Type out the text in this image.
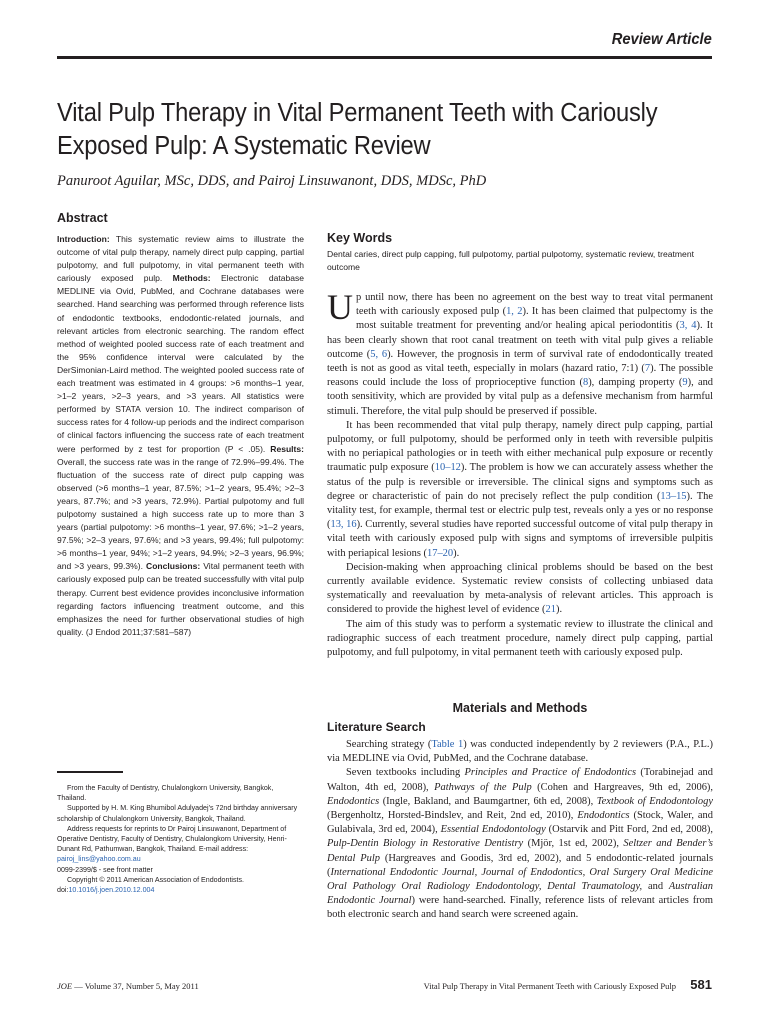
Review Article
Vital Pulp Therapy in Vital Permanent Teeth with Cariously Exposed Pulp: A Systematic Review
Panuroot Aguilar, MSc, DDS, and Pairoj Linsuwanont, DDS, MDSc, PhD
Abstract

Introduction: This systematic review aims to illustrate the outcome of vital pulp therapy, namely direct pulp capping, partial pulpotomy, and full pulpotomy, in vital permanent teeth with cariously exposed pulp. Methods: Electronic database MEDLINE via Ovid, PubMed, and Cochrane databases were searched. Hand searching was performed through reference lists of endodontic textbooks, endodontic-related journals, and relevant articles from electronic searching. The random effect method of weighted pooled success rate of each treatment and the 95% confidence interval were calculated by the DerSimonian-Laird method. The weighted pooled success rate of each treatment was estimated in 4 groups: >6 months–1 year, >1–2 years, >2–3 years, and >3 years. All statistics were performed by STATA version 10. The indirect comparison of success rates for 4 follow-up periods and the indirect comparison of clinical factors influencing the success rate of each treatment were performed by z test for proportion (P < .05). Results: Overall, the success rate was in the range of 72.9%–99.4%. The fluctuation of the success rate of direct pulp capping was observed (>6 months–1 year, 87.5%; >1–2 years, 95.4%; >2–3 years, 87.7%; and >3 years, 72.9%). Partial pulpotomy and full pulpotomy sustained a high success rate up to more than 3 years (partial pulpotomy: >6 months–1 year, 97.6%; >1–2 years, 97.5%; >2–3 years, 97.6%; and >3 years, 99.4%; full pulpotomy: >6 months–1 year, 94%; >1–2 years, 94.9%; >2–3 years, 96.9%; and >3 years, 99.3%). Conclusions: Vital permanent teeth with cariously exposed pulp can be treated successfully with vital pulp therapy. Current best evidence provides inconclusive information regarding factors influencing treatment outcome, and this emphasizes the need for further observational studies of high quality. (J Endod 2011;37:581–587)

From the Faculty of Dentistry, Chulalongkorn University, Bangkok, Thailand.

Supported by H. M. King Bhumibol Adulyadej’s 72nd birthday anniversary scholarship of Chulalongkorn University, Bangkok, Thailand.

Address requests for reprints to Dr Pairoj Linsuwanont, Department of Operative Dentistry, Faculty of Dentistry, Chulalongkorn University, Henri-Dunant Rd, Pathumwan, Bangkok, Thailand. E-mail address: pairoj_lins@yahoo.com.au

0099-2399/$ - see front matter

Copyright © 2011 American Association of Endodontists.

doi:10.1016/j.joen.2010.12.004

Key Words

Dental caries, direct pulp capping, full pulpotomy, partial pulpotomy, systematic review, treatment outcome

Up until now, there has been no agreement on the best way to treat vital permanent teeth with cariously exposed pulp (1, 2). It has been claimed that pulpectomy is the most suitable treatment for preventing and/or healing apical periodontitis (3, 4). It has been clearly shown that root canal treatment on teeth with vital pulp gives a reliable outcome (5, 6). However, the prognosis in term of survival rate of endodontically treated teeth is not as good as vital teeth, especially in molars (hazard ratio, 7:1) (7). The possible reasons could include the loss of proprioceptive function (8), damping property (9), and tooth sensitivity, which are provided by vital pulp as a defensive mechanism from harmful stimuli. Therefore, the vital pulp should be preserved if possible.

It has been recommended that vital pulp therapy, namely direct pulp capping, partial pulpotomy, or full pulpotomy, should be performed only in teeth with reversible pulpitis with no periapical pathologies or in teeth with either mechanical pulp exposure or recently traumatic pulp exposure (10–12). The problem is how we can accurately assess whether the status of the pulp is reversible or irreversible. The clinical signs and symptoms such as degree or characteristic of pain do not precisely reflect the pulp condition (13–15). The vitality test, for example, thermal test or electric pulp test, reveals only a yes or no response (13, 16). Currently, several studies have reported successful outcome of vital pulp therapy in vital teeth with cariously exposed pulp with signs and symptoms of irreversible pulpitis with periapical lesions (17–20).

Decision-making when approaching clinical problems should be based on the best currently available evidence. Systematic review consists of collecting unbiased data systematically and reevaluation by meta-analysis of relevant articles. This approach is considered to provide the highest level of evidence (21).

The aim of this study was to perform a systematic review to illustrate the clinical and radiographic success of each treatment procedure, namely direct pulp capping, partial pulpotomy, and full pulpotomy, in vital permanent teeth with cariously exposed pulp.

Materials and Methods
Literature Search

Searching strategy (Table 1) was conducted independently by 2 reviewers (P.A., P.L.) via MEDLINE via Ovid, PubMed, and the Cochrane database.

Seven textbooks including Principles and Practice of Endodontics (Torabinejad and Walton, 4th ed, 2008), Pathways of the Pulp (Cohen and Hargreaves, 9th ed, 2006), Endodontics (Ingle, Bakland, and Baumgartner, 6th ed, 2008), Textbook of Endodontology (Bergenholtz, Horsted-Bindslev, and Reit, 2nd ed, 2010), Endodontics (Stock, Waler, and Gulabivala, 3rd ed, 2004), Essential Endodontology (Ostarvik and Pitt Ford, 2nd ed, 2008), Pulp-Dentin Biology in Restorative Dentistry (Mjör, 1st ed, 2002), Seltzer and Bender’s Dental Pulp (Hargreaves and Goodis, 3rd ed, 2002), and 5 endodontic-related journals (International Endodontic Journal, Journal of Endodontics, Oral Surgery Oral Medicine Oral Pathology Oral Radiology Endodontology, Dental Traumatology, and Australian Endodontic Journal) were hand-searched. Finally, reference lists of relevant articles from both electronic search and hand search were screened again.

JOE — Volume 37, Number 5, May 2011	Vital Pulp Therapy in Vital Permanent Teeth with Cariously Exposed Pulp 581
